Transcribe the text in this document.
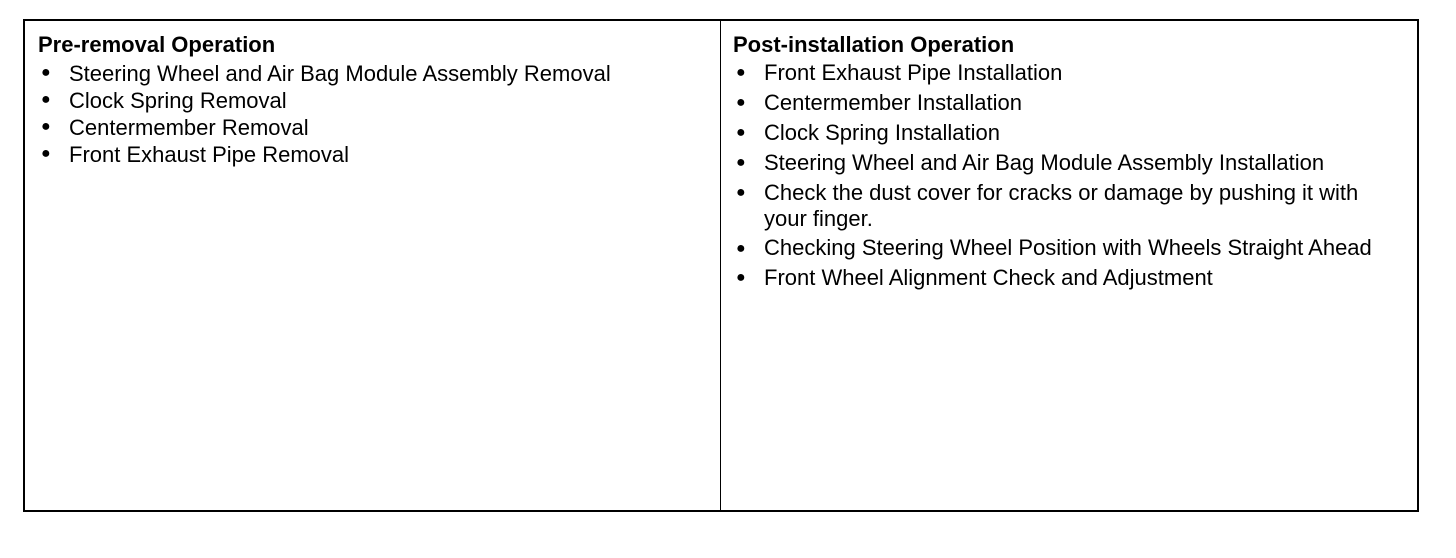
Pre-removal Operation
● Steering Wheel and Air Bag Module Assembly Removal
● Clock Spring Removal
● Centermember Removal
● Front Exhaust Pipe Removal
Post-installation Operation
● Front Exhaust Pipe Installation
● Centermember Installation
● Clock Spring Installation
● Steering Wheel and Air Bag Module Assembly Installation
● Check the dust cover for cracks or damage by pushing it with your finger.
● Checking Steering Wheel Position with Wheels Straight Ahead
● Front Wheel Alignment Check and Adjustment
